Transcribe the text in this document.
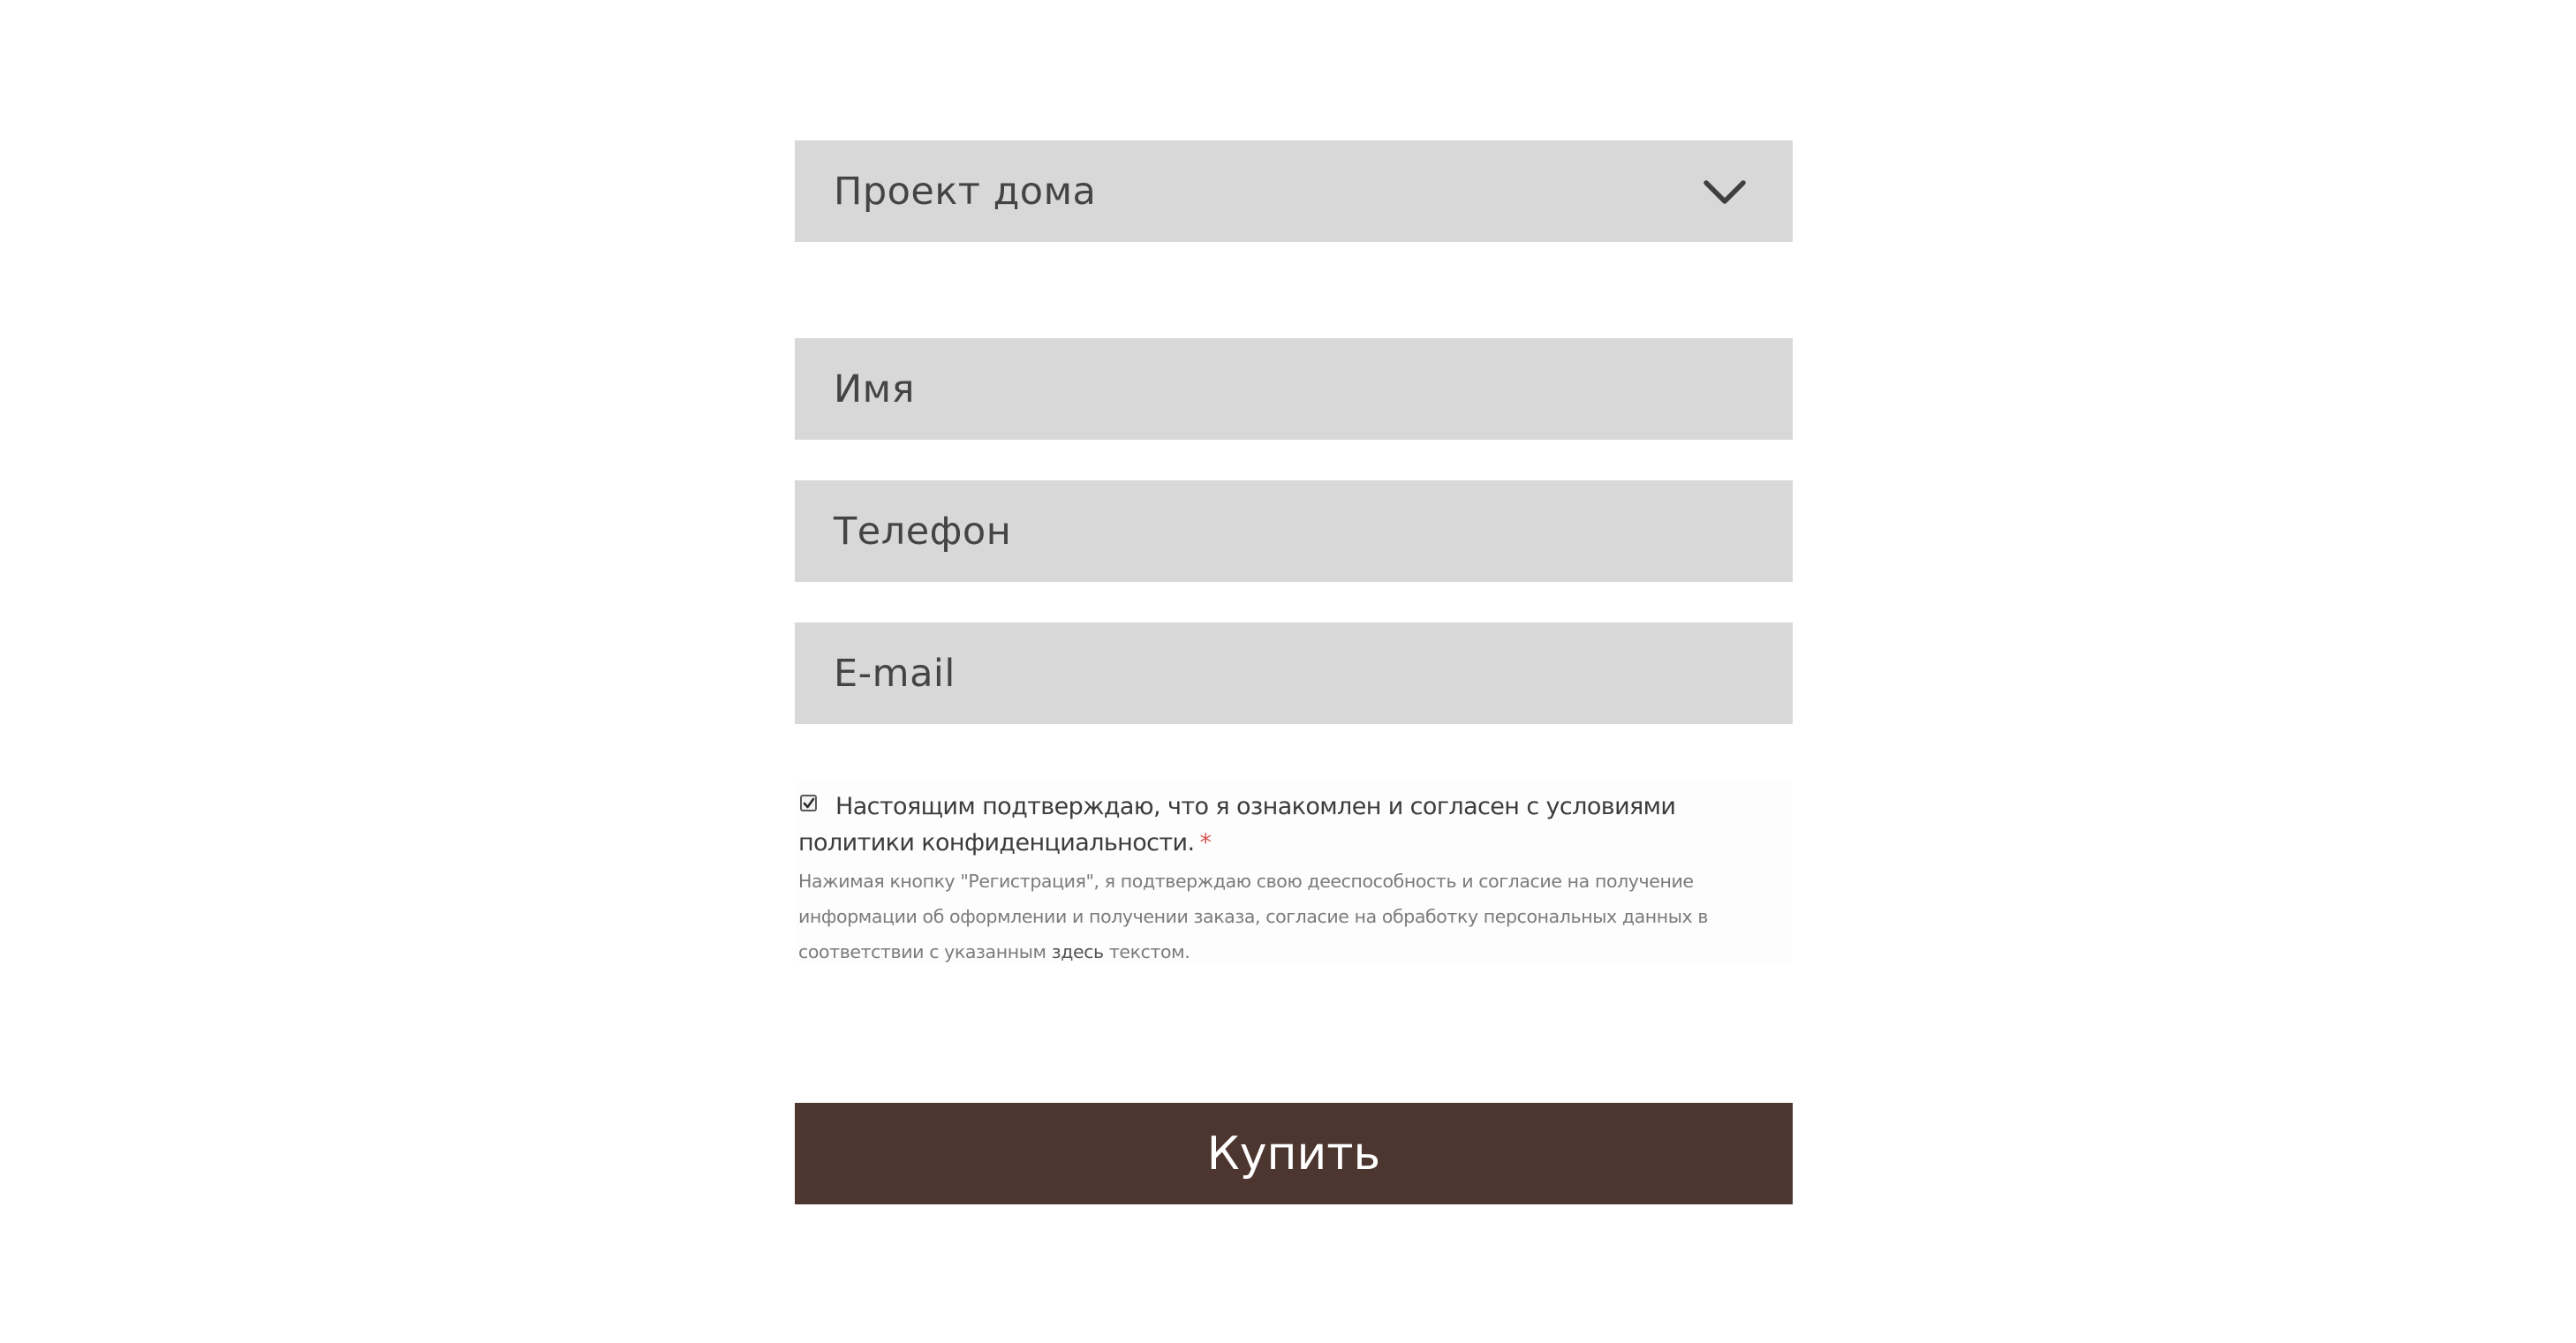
Проект дома
Имя
Телефон
E-mail
Настоящим подтверждаю, что я ознакомлен и согласен с условиями политики конфиденциальности. *
Нажимая кнопку "Регистрация", я подтверждаю свою дееспособность и согласие на получение информации об оформлении и получении заказа, согласие на обработку персональных данных в соответствии с указанным здесь текстом.
Купить
